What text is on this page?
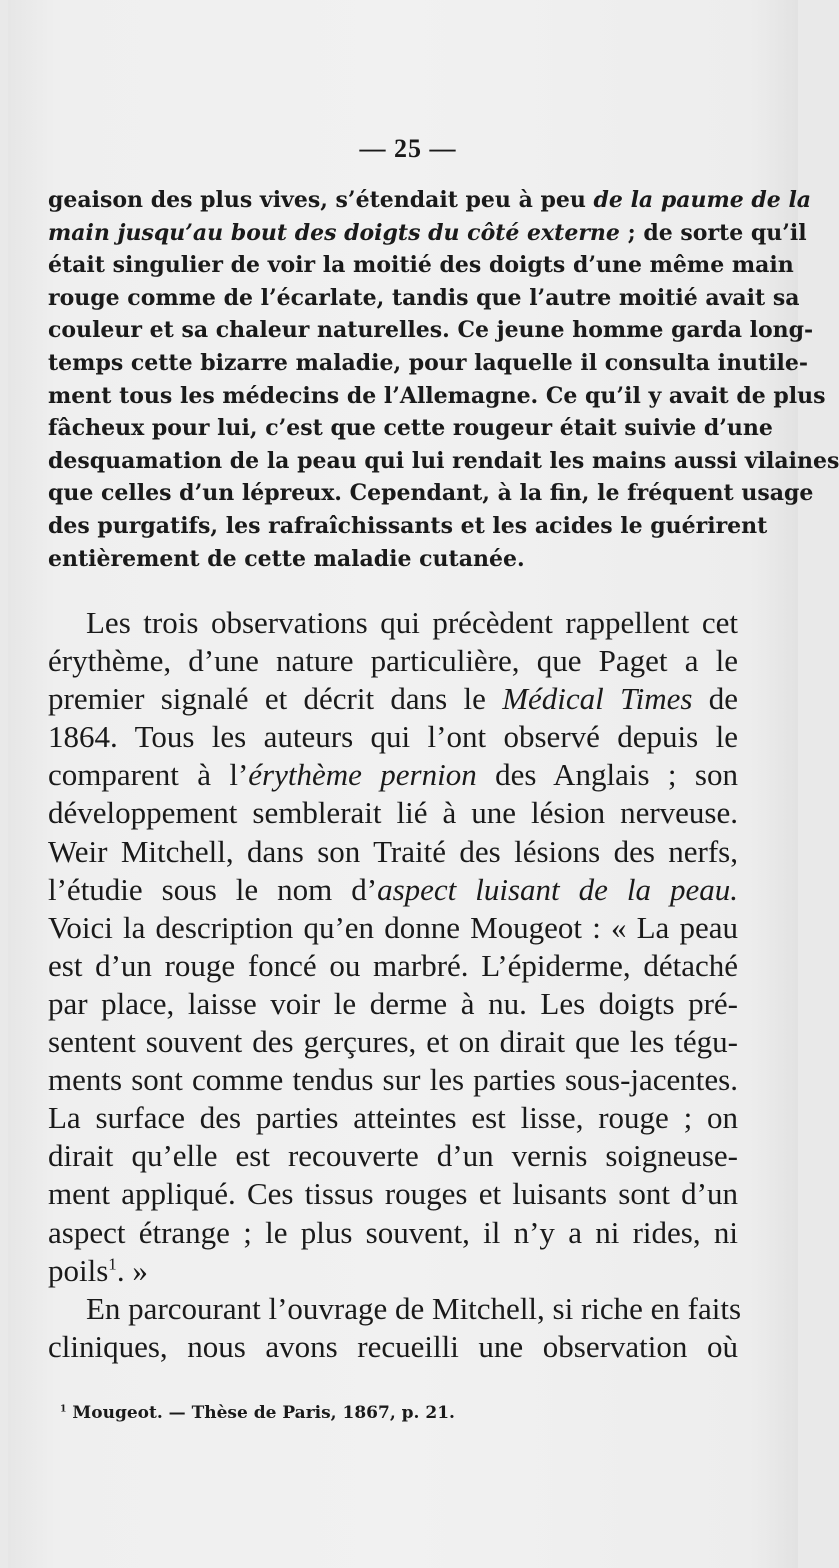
— 25 —
geaison des plus vives, s’étendait peu à peu de la paume de la
main jusqu’au bout des doigts du côté externe ; de sorte qu’il
était singulier de voir la moitié des doigts d’une même main
rouge comme de l’écarlate, tandis que l’autre moitié avait sa
couleur et sa chaleur naturelles. Ce jeune homme garda long-
temps cette bizarre maladie, pour laquelle il consulta inutile-
ment tous les médecins de l’Allemagne. Ce qu’il y avait de plus
fâcheux pour lui, c’est que cette rougeur était suivie d’une
desquamation de la peau qui lui rendait les mains aussi vilaines
que celles d’un lépreux. Cependant, à la fin, le fréquent usage
des purgatifs, les rafraîchissants et les acides le guérirent
entièrement de cette maladie cutanée.
Les trois observations qui précèdent rappellent cet
érythème, d’une nature particulière, que Paget a le
premier signalé et décrit dans le Médical Times de
1864. Tous les auteurs qui l’ont observé depuis le
comparent à l’érythème pernion des Anglais ; son
développement semblerait lié à une lésion nerveuse.
Weir Mitchell, dans son Traité des lésions des nerfs,
l’étudie sous le nom d’aspect luisant de la peau.
Voici la description qu’en donne Mougeot : « La peau
est d’un rouge foncé ou marbré. L’épiderme, détaché
par place, laisse voir le derme à nu. Les doigts pré-
sentent souvent des gerçures, et on dirait que les tégu-
ments sont comme tendus sur les parties sous-jacentes.
La surface des parties atteintes est lisse, rouge ; on
dirait qu’elle est recouverte d’un vernis soigneuse-
ment appliqué. Ces tissus rouges et luisants sont d’un
aspect étrange ; le plus souvent, il n’y a ni rides, ni
poils$^1$. »
En parcourant l’ouvrage de Mitchell, si riche en faits
cliniques, nous avons recueilli une observation où
$^1$ Mougeot. — Thèse de Paris, 1867, p. 21.
